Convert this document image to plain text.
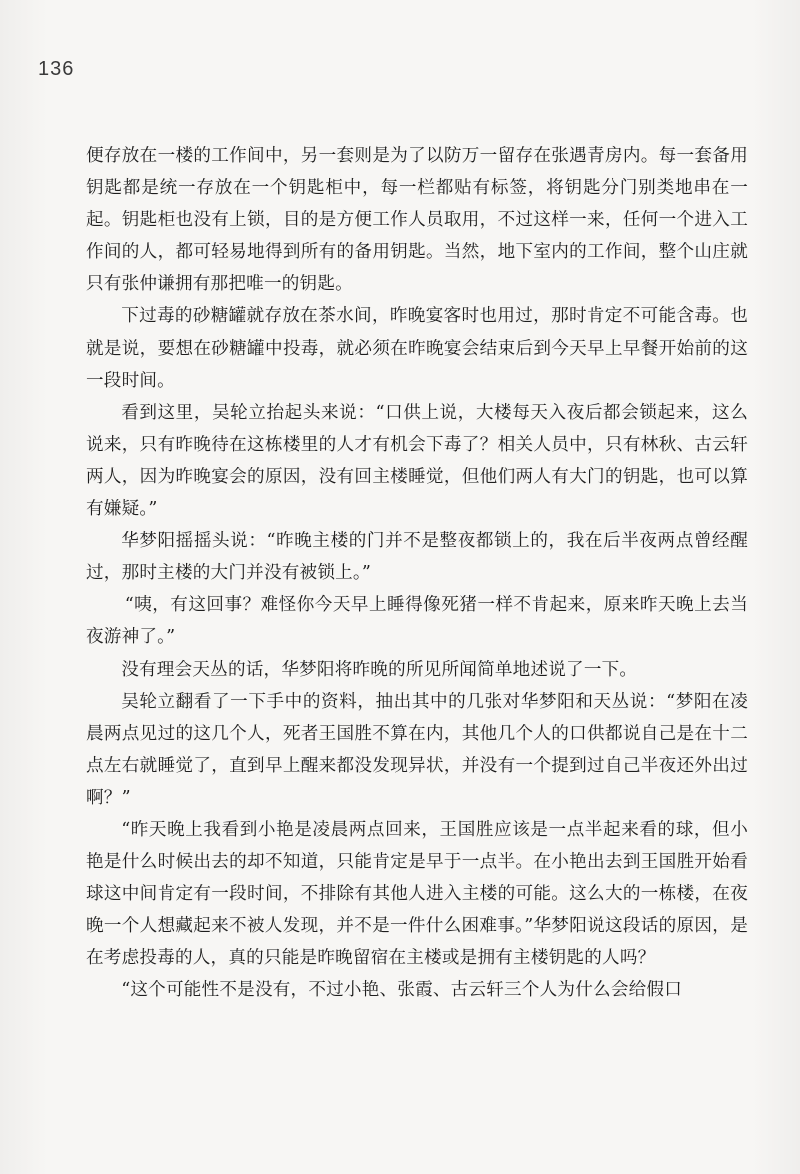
136

便存放在一楼的工作间中，另一套则是为了以防万一留存在张遇青房内。每一套备用钥匙都是统一存放在一个钥匙柜中，每一栏都贴有标签，将钥匙分门别类地串在一起。钥匙柜也没有上锁，目的是方便工作人员取用，不过这样一来，任何一个进入工作间的人，都可轻易地得到所有的备用钥匙。当然，地下室内的工作间，整个山庄就只有张仲谦拥有那把唯一的钥匙。

下过毒的砂糖罐就存放在茶水间，昨晚宴客时也用过，那时肯定不可能含毒。也就是说，要想在砂糖罐中投毒，就必须在昨晚宴会结束后到今天早上早餐开始前的这一段时间。

看到这里，吴轮立抬起头来说：“口供上说，大楼每天入夜后都会锁起来，这么说来，只有昨晚待在这栋楼里的人才有机会下毒了？相关人员中，只有林秋、古云轩两人，因为昨晚宴会的原因，没有回主楼睡觉，但他们两人有大门的钥匙，也可以算有嫌疑。”

华梦阳摇摇头说：“昨晚主楼的门并不是整夜都锁上的，我在后半夜两点曾经醒过，那时主楼的大门并没有被锁上。”

“咦，有这回事？难怪你今天早上睡得像死猪一样不肯起来，原来昨天晚上去当夜游神了。”

没有理会天丛的话，华梦阳将昨晚的所见所闻简单地述说了一下。

吴轮立翻看了一下手中的资料，抽出其中的几张对华梦阳和天丛说：“梦阳在凌晨两点见过的这几个人，死者王国胜不算在内，其他几个人的口供都说自己是在十二点左右就睡觉了，直到早上醒来都没发现异状，并没有一个提到过自己半夜还外出过啊？”

“昨天晚上我看到小艳是凌晨两点回来，王国胜应该是一点半起来看的球，但小艳是什么时候出去的却不知道，只能肯定是早于一点半。在小艳出去到王国胜开始看球这中间肯定有一段时间，不排除有其他人进入主楼的可能。这么大的一栋楼，在夜晚一个人想藏起来不被人发现，并不是一件什么困难事。”华梦阳说这段话的原因，是在考虑投毒的人，真的只能是昨晚留宿在主楼或是拥有主楼钥匙的人吗？

“这个可能性不是没有，不过小艳、张霞、古云轩三个人为什么会给假口
